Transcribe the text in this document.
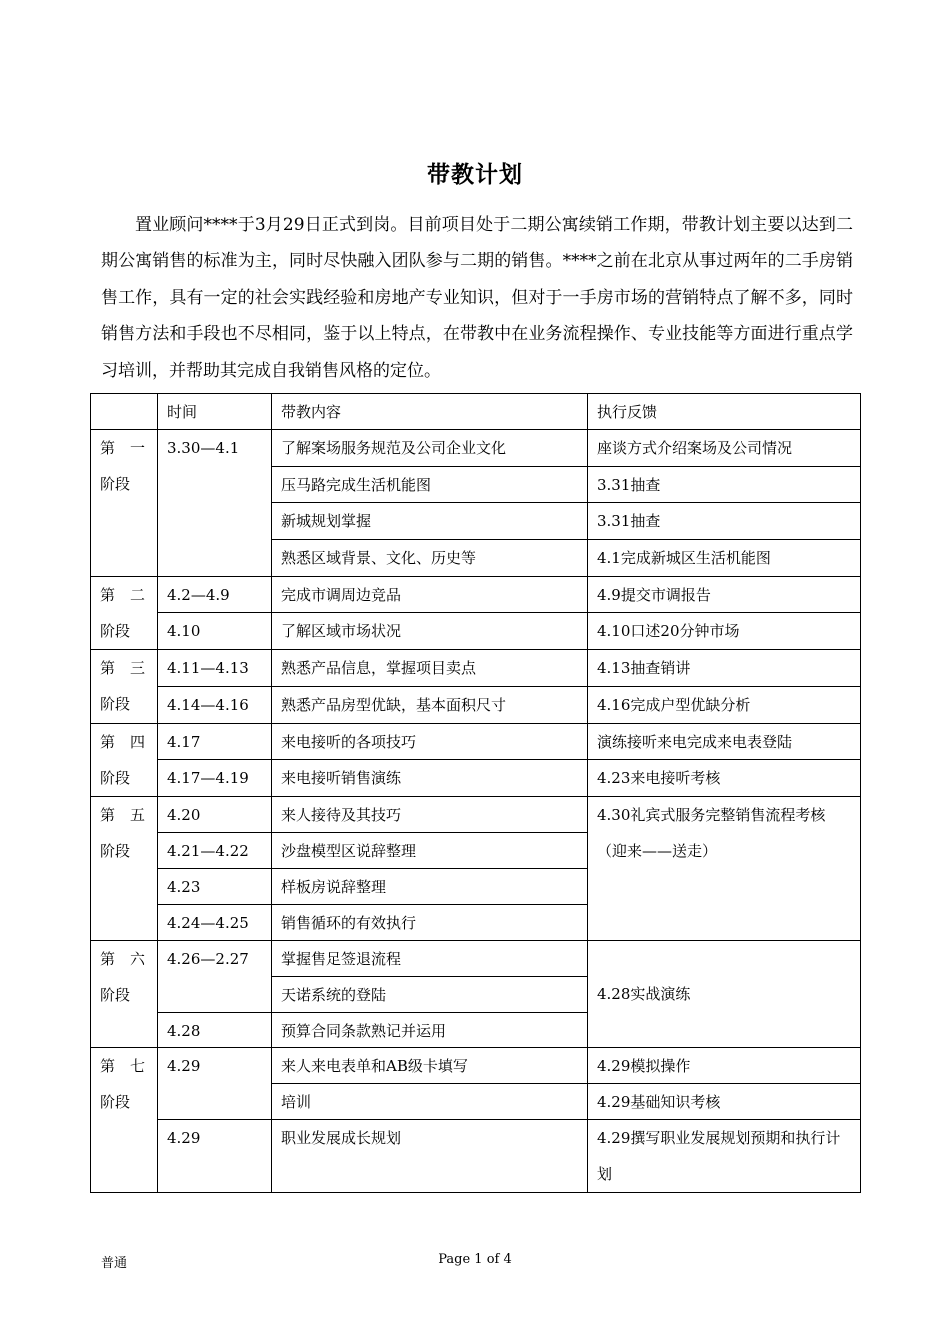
带教计划

置业顾问****于3月29日正式到岗。目前项目处于二期公寓续销工作期，带教计划主要以达到二期公寓销售的标准为主，同时尽快融入团队参与二期的销售。****之前在北京从事过两年的二手房销售工作，具有一定的社会实践经验和房地产专业知识，但对于一手房市场的营销特点了解不多，同时销售方法和手段也不尽相同，鉴于以上特点，在带教中在业务流程操作、专业技能等方面进行重点学习培训，并帮助其完成自我销售风格的定位。

	时间	带教内容	执行反馈
第　一阶段	3.30—4.1	了解案场服务规范及公司企业文化	座谈方式介绍案场及公司情况
		压马路完成生活机能图	3.31抽查
		新城规划掌握	3.31抽查
		熟悉区域背景、文化、历史等	4.1完成新城区生活机能图
第　二阶段	4.2—4.9	完成市调周边竞品	4.9提交市调报告
	4.10	了解区域市场状况	4.10口述20分钟市场
第　三阶段	4.11—4.13	熟悉产品信息，掌握项目卖点	4.13抽查销讲
	4.14—4.16	熟悉产品房型优缺，基本面积尺寸	4.16完成户型优缺分析
第　四阶段	4.17	来电接听的各项技巧	演练接听来电完成来电表登陆
	4.17—4.19	来电接听销售演练	4.23来电接听考核
第　五阶段	4.20	来人接待及其技巧	4.30礼宾式服务完整销售流程考核（迎来——送走）
	4.21—4.22	沙盘模型区说辞整理	
	4.23	样板房说辞整理	
	4.24—4.25	销售循环的有效执行	
第　六阶段	4.26—2.27	掌握售足签退流程	4.28实战演练
		天诺系统的登陆	
	4.28	预算合同条款熟记并运用	
第　七阶段	4.29	来人来电表单和AB级卡填写	4.29模拟操作
		培训	4.29基础知识考核
	4.29	职业发展成长规划	4.29撰写职业发展规划预期和执行计划
普通	Page 1 of 4
